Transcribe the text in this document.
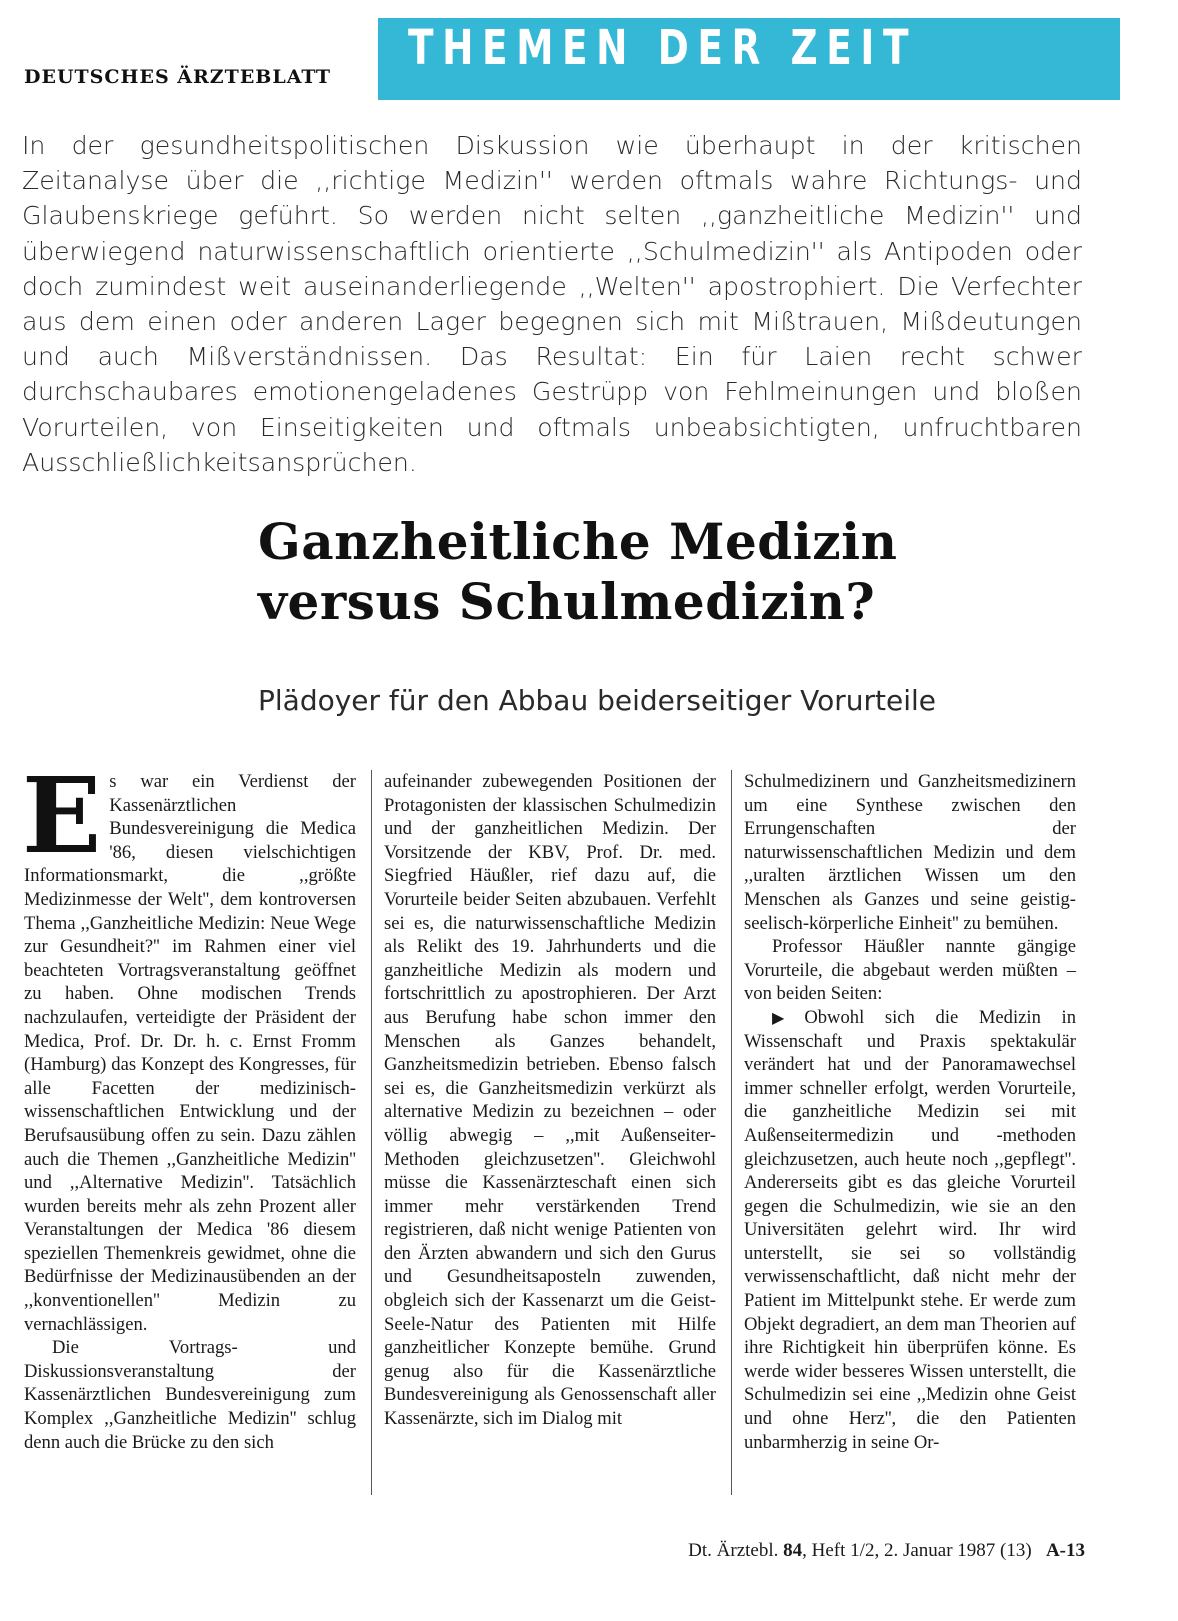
DEUTSCHES ÄRZTEBLATT
THEMEN DER ZEIT

In der gesundheitspolitischen Diskussion wie überhaupt in der kritischen Zeitanalyse über die ,,richtige Medizin'' werden oftmals wahre Richtungs- und Glaubenskriege geführt. So werden nicht selten ,,ganzheitliche Medizin'' und überwiegend naturwissenschaftlich orientierte ,,Schulmedizin'' als Antipoden oder doch zumindest weit auseinanderliegende ,,Welten'' apostrophiert. Die Verfechter aus dem einen oder anderen Lager begegnen sich mit Mißtrauen, Mißdeutungen und auch Mißverständnissen. Das Resultat: Ein für Laien recht schwer durchschaubares emotionengeladenes Gestrüpp von Fehlmeinungen und bloßen Vorurteilen, von Einseitigkeiten und oftmals unbeabsichtigten, unfruchtbaren Ausschließlichkeitsansprüchen.

Ganzheitliche Medizin
versus Schulmedizin?

Plädoyer für den Abbau beiderseitiger Vorurteile

E s war ein Verdienst der Kassenärztlichen Bundesvereinigung die Medica '86, diesen vielschichtigen Informationsmarkt, die ,,größte Medizinmesse der Welt'', dem kontroversen Thema ,,Ganzheitliche Medizin: Neue Wege zur Gesundheit?'' im Rahmen einer viel beachteten Vortragsveranstaltung geöffnet zu haben. Ohne modischen Trends nachzulaufen, verteidigte der Präsident der Medica, Prof. Dr. Dr. h. c. Ernst Fromm (Hamburg) das Konzept des Kongresses, für alle Facetten der medizinisch-wissenschaftlichen Entwicklung und der Berufsausübung offen zu sein. Dazu zählen auch die Themen ,,Ganzheitliche Medizin'' und ,,Alternative Medizin''. Tatsächlich wurden bereits mehr als zehn Prozent aller Veranstaltungen der Medica '86 diesem speziellen Themenkreis gewidmet, ohne die Bedürfnisse der Medizinausübenden an der ,,konventionellen'' Medizin zu vernachlässigen.

Die Vortrags- und Diskussionsveranstaltung der Kassenärztlichen Bundesvereinigung zum Komplex ,,Ganzheitliche Medizin'' schlug denn auch die Brücke zu den sich

aufeinander zubewegenden Positionen der Protagonisten der klassischen Schulmedizin und der ganzheitlichen Medizin. Der Vorsitzende der KBV, Prof. Dr. med. Siegfried Häußler, rief dazu auf, die Vorurteile beider Seiten abzubauen. Verfehlt sei es, die naturwissenschaftliche Medizin als Relikt des 19. Jahrhunderts und die ganzheitliche Medizin als modern und fortschrittlich zu apostrophieren. Der Arzt aus Berufung habe schon immer den Menschen als Ganzes behandelt, Ganzheitsmedizin betrieben. Ebenso falsch sei es, die Ganzheitsmedizin verkürzt als alternative Medizin zu bezeichnen – oder völlig abwegig – ,,mit Außenseiter-Methoden gleichzusetzen''. Gleichwohl müsse die Kassenärzteschaft einen sich immer mehr verstärkenden Trend registrieren, daß nicht wenige Patienten von den Ärzten abwandern und sich den Gurus und Gesundheitsaposteln zuwenden, obgleich sich der Kassenarzt um die Geist-Seele-Natur des Patienten mit Hilfe ganzheitlicher Konzepte bemühe. Grund genug also für die Kassenärztliche Bundesvereinigung als Genossenschaft aller Kassenärzte, sich im Dialog mit

Schulmedizinern und Ganzheitsmedizinern um eine Synthese zwischen den Errungenschaften der naturwissenschaftlichen Medizin und dem ,,uralten ärztlichen Wissen um den Menschen als Ganzes und seine geistig-seelisch-körperliche Einheit'' zu bemühen.

Professor Häußler nannte gängige Vorurteile, die abgebaut werden müßten – von beiden Seiten:

▶ Obwohl sich die Medizin in Wissenschaft und Praxis spektakulär verändert hat und der Panoramawechsel immer schneller erfolgt, werden Vorurteile, die ganzheitliche Medizin sei mit Außenseitermedizin und -methoden gleichzusetzen, auch heute noch ,,gepflegt''. Andererseits gibt es das gleiche Vorurteil gegen die Schulmedizin, wie sie an den Universitäten gelehrt wird. Ihr wird unterstellt, sie sei so vollständig verwissenschaftlicht, daß nicht mehr der Patient im Mittelpunkt stehe. Er werde zum Objekt degradiert, an dem man Theorien auf ihre Richtigkeit hin überprüfen könne. Es werde wider besseres Wissen unterstellt, die Schulmedizin sei eine ,,Medizin ohne Geist und ohne Herz'', die den Patienten unbarmherzig in seine Or-

Dt. Ärztebl. 84, Heft 1/2, 2. Januar 1987 (13) A-13
